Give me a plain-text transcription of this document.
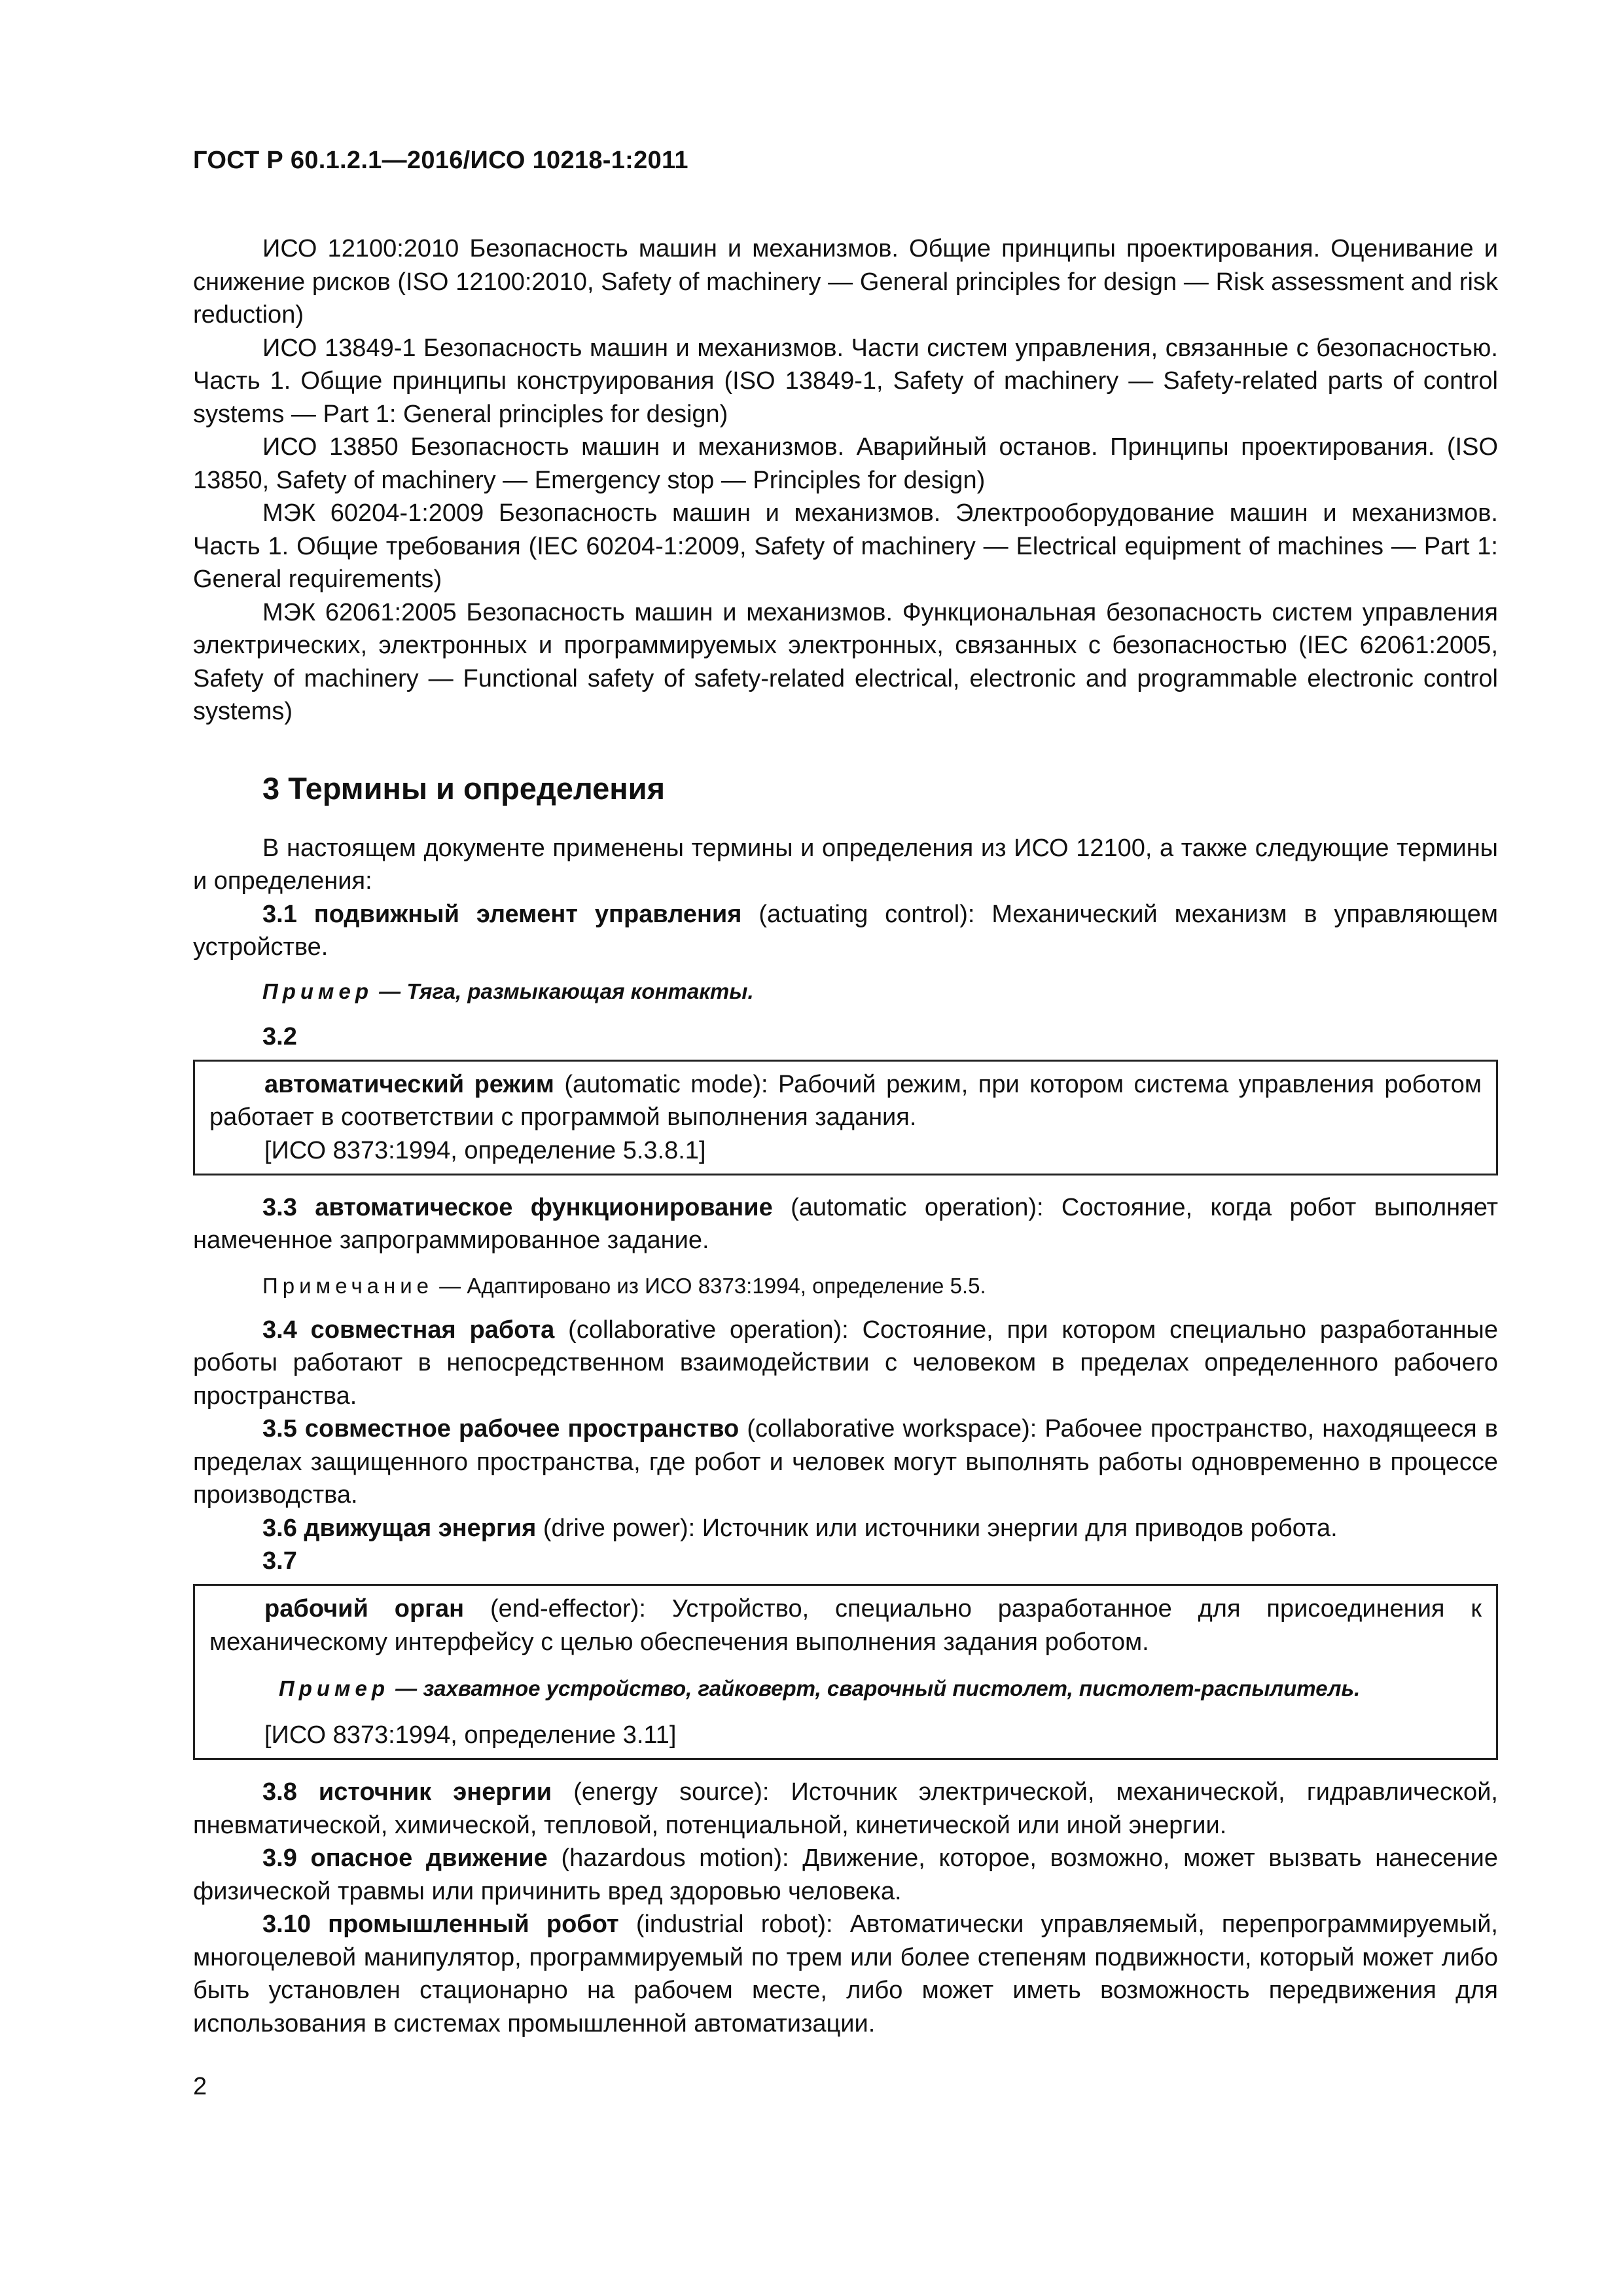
ГОСТ Р 60.1.2.1—2016/ИСО 10218-1:2011

ИСО 12100:2010 Безопасность машин и механизмов. Общие принципы проектирования. Оценивание и снижение рисков (ISO 12100:2010, Safety of machinery — General principles for design — Risk assessment and risk reduction)

ИСО 13849-1 Безопасность машин и механизмов. Части систем управления, связанные с безопасностью. Часть 1. Общие принципы конструирования (ISO 13849-1, Safety of machinery — Safety-related parts of control systems — Part 1: General principles for design)

ИСО 13850 Безопасность машин и механизмов. Аварийный останов. Принципы проектирования. (ISO 13850, Safety of machinery — Emergency stop — Principles for design)

МЭК 60204-1:2009 Безопасность машин и механизмов. Электрооборудование машин и механизмов. Часть 1. Общие требования (IEC 60204-1:2009, Safety of machinery — Electrical equipment of machines — Part 1: General requirements)

МЭК 62061:2005 Безопасность машин и механизмов. Функциональная безопасность систем управления электрических, электронных и программируемых электронных, связанных с безопасностью (IEC 62061:2005, Safety of machinery — Functional safety of safety-related electrical, electronic and programmable electronic control systems)

3 Термины и определения

В настоящем документе применены термины и определения из ИСО 12100, а также следующие термины и определения:

3.1 подвижный элемент управления (actuating control): Механический механизм в управляющем устройстве.

Пример — Тяга, размыкающая контакты.

3.2

автоматический режим (automatic mode): Рабочий режим, при котором система управления роботом работает в соответствии с программой выполнения задания.

[ИСО 8373:1994, определение 5.3.8.1]

3.3 автоматическое функционирование (automatic operation): Состояние, когда робот выполняет намеченное запрограммированное задание.

Примечание — Адаптировано из ИСО 8373:1994, определение 5.5.

3.4 совместная работа (collaborative operation): Состояние, при котором специально разработанные роботы работают в непосредственном взаимодействии с человеком в пределах определенного рабочего пространства.

3.5 совместное рабочее пространство (collaborative workspace): Рабочее пространство, находящееся в пределах защищенного пространства, где робот и человек могут выполнять работы одновременно в процессе производства.

3.6 движущая энергия (drive power): Источник или источники энергии для приводов робота.

3.7

рабочий орган (end-effector): Устройство, специально разработанное для присоединения к механическому интерфейсу с целью обеспечения выполнения задания роботом.

Пример — захватное устройство, гайковерт, сварочный пистолет, пистолет-распылитель.

[ИСО 8373:1994, определение 3.11]

3.8 источник энергии (energy source): Источник электрической, механической, гидравлической, пневматической, химической, тепловой, потенциальной, кинетической или иной энергии.

3.9 опасное движение (hazardous motion): Движение, которое, возможно, может вызвать нанесение физической травмы или причинить вред здоровью человека.

3.10 промышленный робот (industrial robot): Автоматически управляемый, перепрограммируемый, многоцелевой манипулятор, программируемый по трем или более степеням подвижности, который может либо быть установлен стационарно на рабочем месте, либо может иметь возможность передвижения для использования в системах промышленной автоматизации.

2
